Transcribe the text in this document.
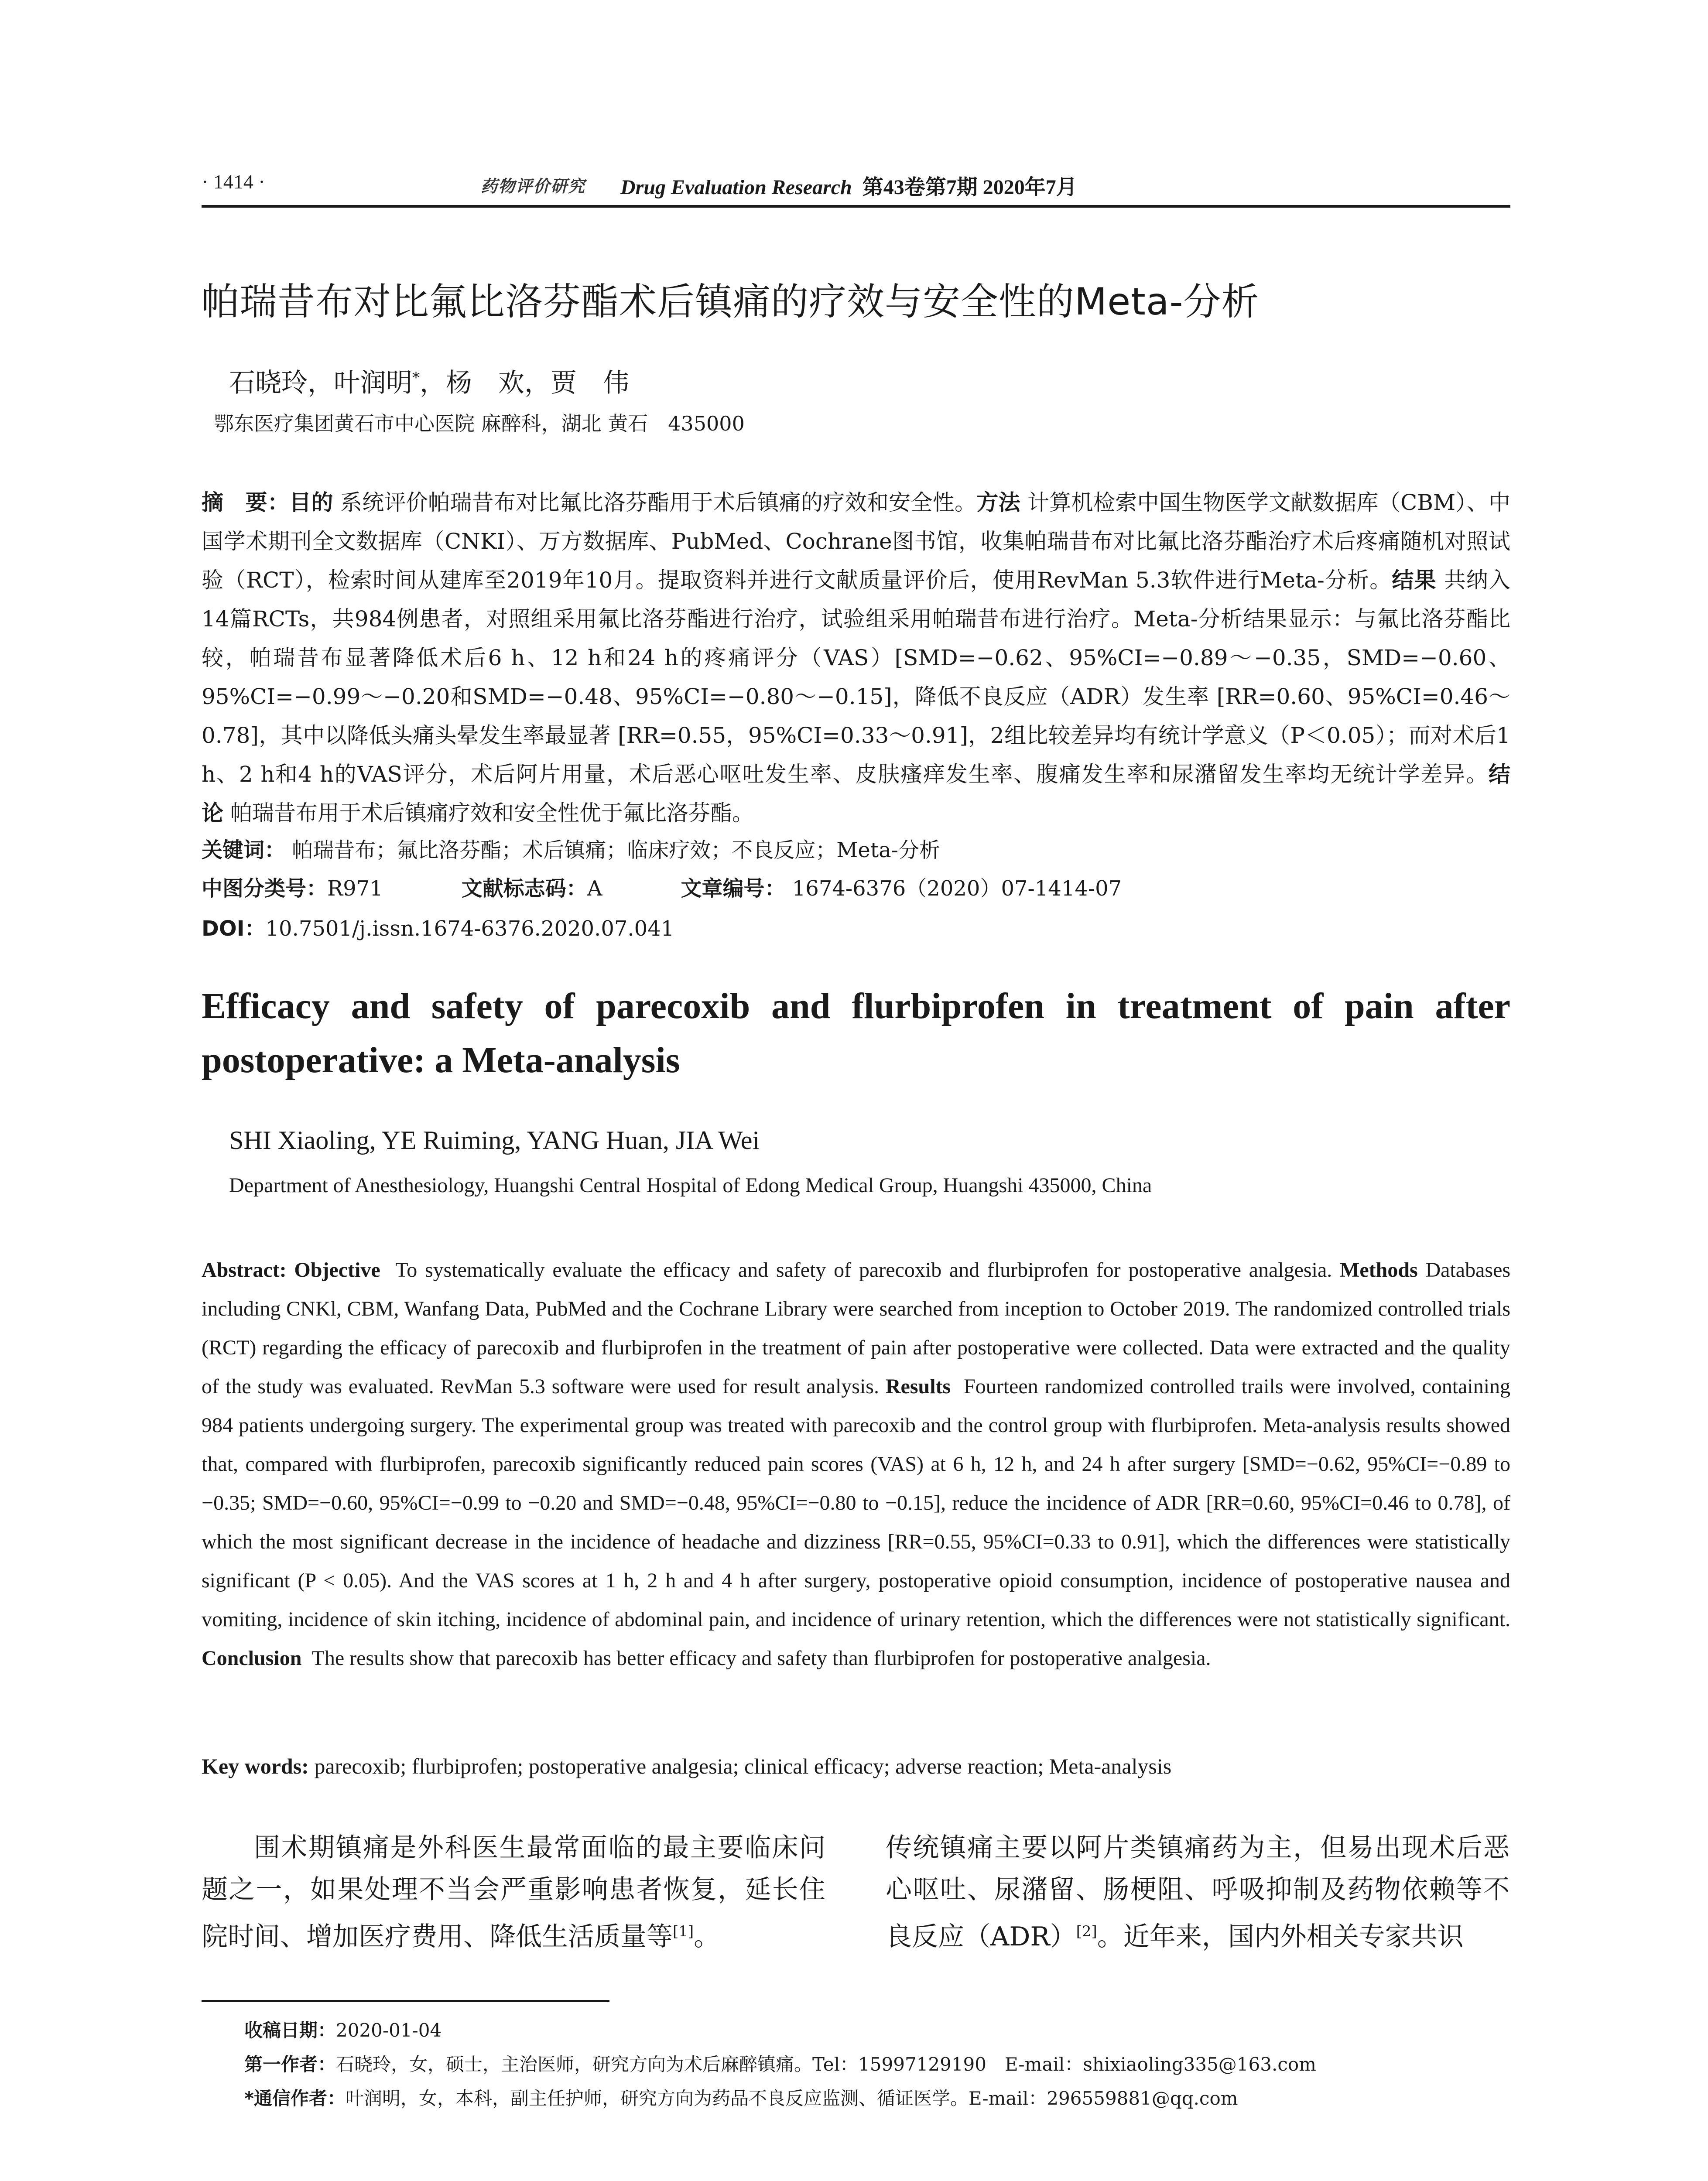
· 1414 ·	药物评价研究 Drug Evaluation Research 第43卷第7期 2020年7月
帕瑞昔布对比氟比洛芬酯术后镇痛的疗效与安全性的Meta-分析
石晓玲，叶润明*，杨　欢，贾　伟
鄂东医疗集团黄石市中心医院 麻醉科，湖北 黄石　435000
摘　要：目的 系统评价帕瑞昔布对比氟比洛芬酯用于术后镇痛的疗效和安全性。方法 计算机检索中国生物医学文献数据库（CBM）、中国学术期刊全文数据库（CNKI）、万方数据库、PubMed、Cochrane图书馆，收集帕瑞昔布对比氟比洛芬酯治疗术后疼痛随机对照试验（RCT），检索时间从建库至2019年10月。提取资料并进行文献质量评价后，使用RevMan 5.3软件进行Meta-分析。结果 共纳入14篇RCTs，共984例患者，对照组采用氟比洛芬酯进行治疗，试验组采用帕瑞昔布进行治疗。Meta-分析结果显示：与氟比洛芬酯比较，帕瑞昔布显著降低术后6 h、12 h和24 h的疼痛评分（VAS）[SMD=−0.62、95%CI=−0.89～−0.35，SMD=−0.60、95%CI=−0.99～−0.20和SMD=−0.48、95%CI=−0.80～−0.15]，降低不良反应（ADR）发生率 [RR=0.60、95%CI=0.46～0.78]，其中以降低头痛头晕发生率最显著 [RR=0.55，95%CI=0.33～0.91]，2组比较差异均有统计学意义（P＜0.05）；而对术后1 h、2 h和4 h的VAS评分，术后阿片用量，术后恶心呕吐发生率、皮肤瘙痒发生率、腹痛发生率和尿潴留发生率均无统计学差异。结论 帕瑞昔布用于术后镇痛疗效和安全性优于氟比洛芬酯。
关键词： 帕瑞昔布；氟比洛芬酯；术后镇痛；临床疗效；不良反应；Meta-分析
中图分类号：R971	文献标志码：A	文章编号： 1674-6376（2020）07-1414-07
DOI：10.7501/j.issn.1674-6376.2020.07.041
Efficacy and safety of parecoxib and flurbiprofen in treatment of pain after postoperative: a Meta-analysis
SHI Xiaoling, YE Ruiming, YANG Huan, JIA Wei
Department of Anesthesiology, Huangshi Central Hospital of Edong Medical Group, Huangshi 435000, China
Abstract: Objective To systematically evaluate the efficacy and safety of parecoxib and flurbiprofen for postoperative analgesia. Methods Databases including CNKl, CBM, Wanfang Data, PubMed and the Cochrane Library were searched from inception to October 2019. The randomized controlled trials (RCT) regarding the efficacy of parecoxib and flurbiprofen in the treatment of pain after postoperative were collected. Data were extracted and the quality of the study was evaluated. RevMan 5.3 software were used for result analysis. Results Fourteen randomized controlled trails were involved, containing 984 patients undergoing surgery. The experimental group was treated with parecoxib and the control group with flurbiprofen. Meta-analysis results showed that, compared with flurbiprofen, parecoxib significantly reduced pain scores (VAS) at 6 h, 12 h, and 24 h after surgery [SMD=−0.62, 95%CI=−0.89 to −0.35; SMD=−0.60, 95%CI=−0.99 to −0.20 and SMD=−0.48, 95%CI=−0.80 to −0.15], reduce the incidence of ADR [RR=0.60, 95%CI=0.46 to 0.78], of which the most significant decrease in the incidence of headache and dizziness [RR=0.55, 95%CI=0.33 to 0.91], which the differences were statistically significant (P < 0.05). And the VAS scores at 1 h, 2 h and 4 h after surgery, postoperative opioid consumption, incidence of postoperative nausea and vomiting, incidence of skin itching, incidence of abdominal pain, and incidence of urinary retention, which the differences were not statistically significant. Conclusion The results show that parecoxib has better efficacy and safety than flurbiprofen for postoperative analgesia.
Key words: parecoxib; flurbiprofen; postoperative analgesia; clinical efficacy; adverse reaction; Meta-analysis
围术期镇痛是外科医生最常面临的最主要临床问题之一，如果处理不当会严重影响患者恢复，延长住院时间、增加医疗费用、降低生活质量等[1]。
传统镇痛主要以阿片类镇痛药为主，但易出现术后恶心呕吐、尿潴留、肠梗阻、呼吸抑制及药物依赖等不良反应（ADR）[2]。近年来，国内外相关专家共识
收稿日期：2020-01-04
第一作者：石晓玲，女，硕士，主治医师，研究方向为术后麻醉镇痛。Tel：15997129190　E-mail：shixiaoling335@163.com
*通信作者：叶润明，女，本科，副主任护师，研究方向为药品不良反应监测、循证医学。E-mail：296559881@qq.com
